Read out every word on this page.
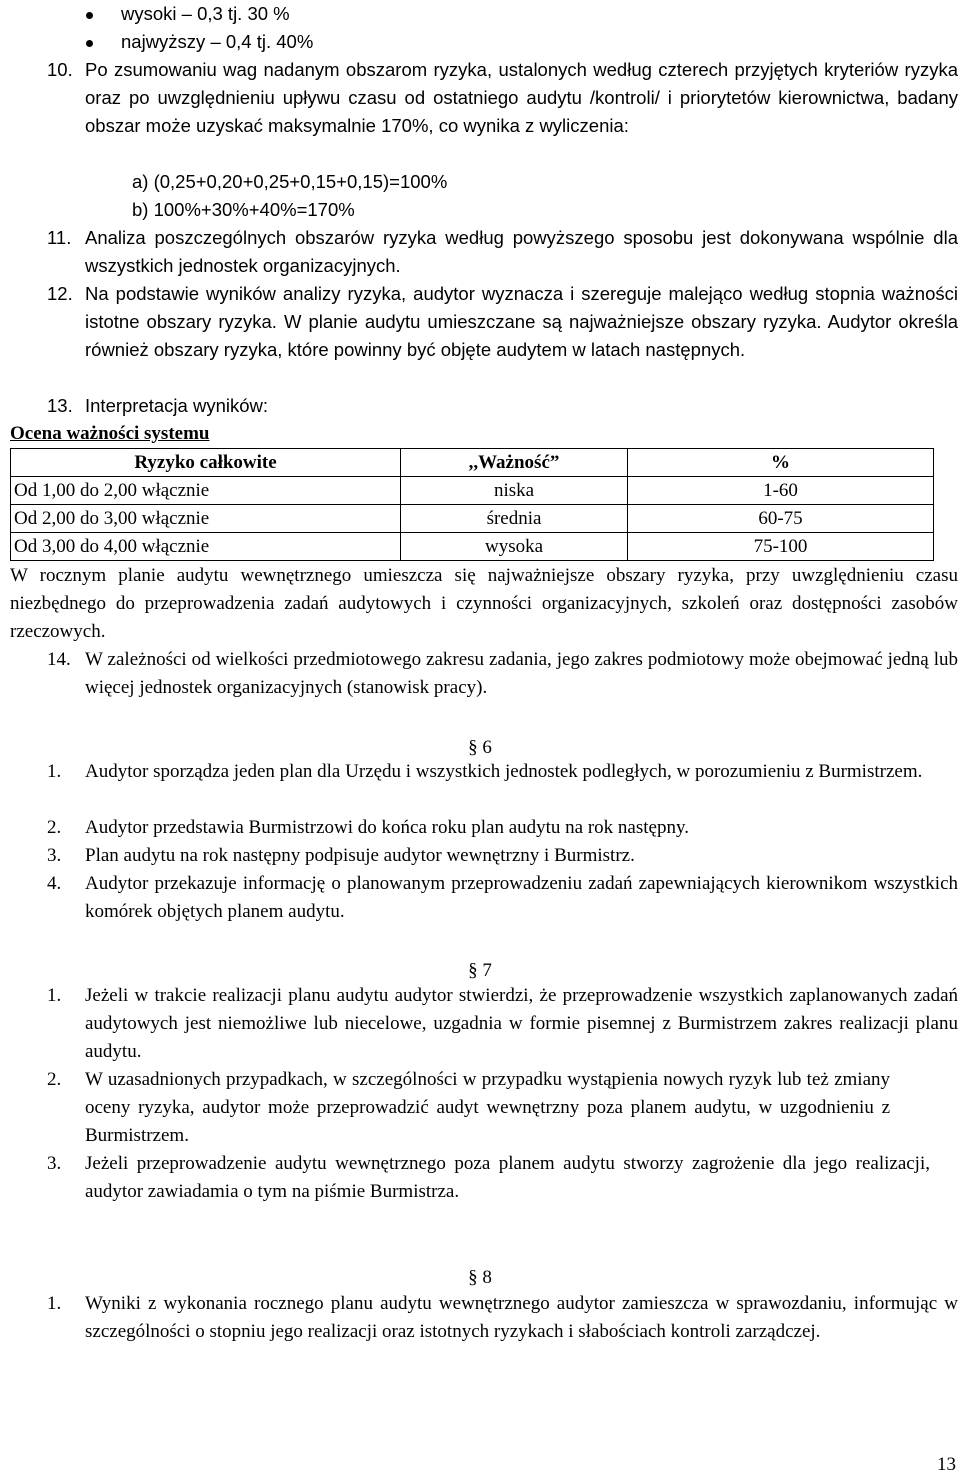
wysoki – 0,3 tj. 30 %
najwyższy – 0,4 tj. 40%
10. Po zsumowaniu wag nadanym obszarom ryzyka, ustalonych według czterech przyjętych kryteriów ryzyka oraz po uwzględnieniu upływu czasu od ostatniego audytu /kontroli/ i priorytetów kierownictwa, badany obszar może uzyskać maksymalnie 170%, co wynika z wyliczenia:
a) (0,25+0,20+0,25+0,15+0,15)=100%
b) 100%+30%+40%=170%
11. Analiza poszczególnych obszarów ryzyka według powyższego sposobu jest dokonywana wspólnie dla wszystkich jednostek organizacyjnych.
12. Na podstawie wyników analizy ryzyka, audytor wyznacza i szereguje malejąco według stopnia ważności istotne obszary ryzyka. W planie audytu umieszczane są najważniejsze obszary ryzyka. Audytor określa również obszary ryzyka, które powinny być objęte audytem w latach następnych.
13. Interpretacja wyników:
Ocena ważności systemu
Ryzyko całkowite	,,Ważność”	%
Od 1,00 do 2,00 włącznie	niska	1-60
Od 2,00 do 3,00 włącznie	średnia	60-75
Od 3,00 do 4,00 włącznie	wysoka	75-100
W rocznym planie audytu wewnętrznego umieszcza się najważniejsze obszary ryzyka, przy uwzględnieniu czasu niezbędnego do przeprowadzenia zadań audytowych i czynności organizacyjnych, szkoleń oraz dostępności zasobów rzeczowych.
14. W zależności od wielkości przedmiotowego zakresu zadania, jego zakres podmiotowy może obejmować jedną lub więcej jednostek organizacyjnych (stanowisk pracy).
§ 6
1. Audytor sporządza jeden plan dla Urzędu i wszystkich jednostek podległych, w porozumieniu z Burmistrzem.
2. Audytor przedstawia Burmistrzowi do końca roku plan audytu na rok następny.
3. Plan audytu na rok następny podpisuje audytor wewnętrzny i Burmistrz.
4. Audytor przekazuje informację o planowanym przeprowadzeniu zadań zapewniających kierownikom wszystkich komórek objętych planem audytu.
§ 7
1. Jeżeli w trakcie realizacji planu audytu audytor stwierdzi, że przeprowadzenie wszystkich zaplanowanych zadań audytowych jest niemożliwe lub niecelowe, uzgadnia w formie pisemnej z Burmistrzem zakres realizacji planu audytu.
2. W uzasadnionych przypadkach, w szczególności w przypadku wystąpienia nowych ryzyk lub też zmiany oceny ryzyka, audytor może przeprowadzić audyt wewnętrzny poza planem audytu, w uzgodnieniu z Burmistrzem.
3. Jeżeli przeprowadzenie audytu wewnętrznego poza planem audytu stworzy zagrożenie dla jego realizacji, audytor zawiadamia o tym na piśmie Burmistrza.
§ 8
1. Wyniki z wykonania rocznego planu audytu wewnętrznego audytor zamieszcza w sprawozdaniu, informując w szczególności o stopniu jego realizacji oraz istotnych ryzykach i słabościach kontroli zarządczej.
13
